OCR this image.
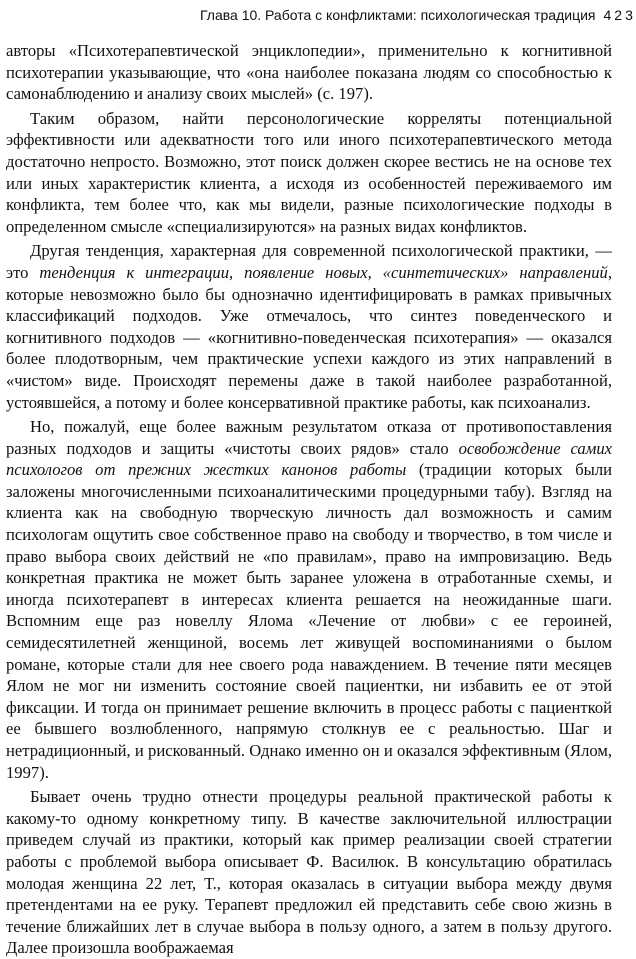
Глава 10. Работа с конфликтами: психологическая традиция 423

авторы «Психотерапевтической энциклопедии», применительно к когнитивной психотерапии указывающие, что «она наиболее показана людям со способностью к самонаблюдению и анализу своих мыслей» (с. 197).

Таким образом, найти персонологические корреляты потенциальной эффективности или адекватности того или иного психотерапевтического метода достаточно непросто. Возможно, этот поиск должен скорее вестись не на основе тех или иных характеристик клиента, а исходя из особенностей переживаемого им конфликта, тем более что, как мы видели, разные психологические подходы в определенном смысле «специализируются» на разных видах конфликтов.

Другая тенденция, характерная для современной психологической практики, — это тенденция к интеграции, появление новых, «синтетических» направлений, которые невозможно было бы однозначно идентифицировать в рамках привычных классификаций подходов. Уже отмечалось, что синтез поведенческого и когнитивного подходов — «когнитивно-поведенческая психотерапия» — оказался более плодотворным, чем практические успехи каждого из этих направлений в «чистом» виде. Происходят перемены даже в такой наиболее разработанной, устоявшейся, а потому и более консервативной практике работы, как психоанализ.

Но, пожалуй, еще более важным результатом отказа от противопоставления разных подходов и защиты «чистоты своих рядов» стало освобождение самих психологов от прежних жестких канонов работы (традиции которых были заложены многочисленными психоаналитическими процедурными табу). Взгляд на клиента как на свободную творческую личность дал возможность и самим психологам ощутить свое собственное право на свободу и творчество, в том числе и право выбора своих действий не «по правилам», право на импровизацию. Ведь конкретная практика не может быть заранее уложена в отработанные схемы, и иногда психотерапевт в интересах клиента решается на неожиданные шаги. Вспомним еще раз новеллу Ялома «Лечение от любви» с ее героиней, семидесятилетней женщиной, восемь лет живущей воспоминаниями о былом романе, которые стали для нее своего рода наваждением. В течение пяти месяцев Ялом не мог ни изменить состояние своей пациентки, ни избавить ее от этой фиксации. И тогда он принимает решение включить в процесс работы с пациенткой ее бывшего возлюбленного, напрямую столкнув ее с реальностью. Шаг и нетрадиционный, и рискованный. Однако именно он и оказался эффективным (Ялом, 1997).

Бывает очень трудно отнести процедуры реальной практической работы к какому-то одному конкретному типу. В качестве заключительной иллюстрации приведем случай из практики, который как пример реализации своей стратегии работы с проблемой выбора описывает Ф. Василюк. В консультацию обратилась молодая женщина 22 лет, Т., которая оказалась в ситуации выбора между двумя претендентами на ее руку. Терапевт предложил ей представить себе свою жизнь в течение ближайших лет в случае выбора в пользу одного, а затем в пользу другого. Далее произошла воображаемая
